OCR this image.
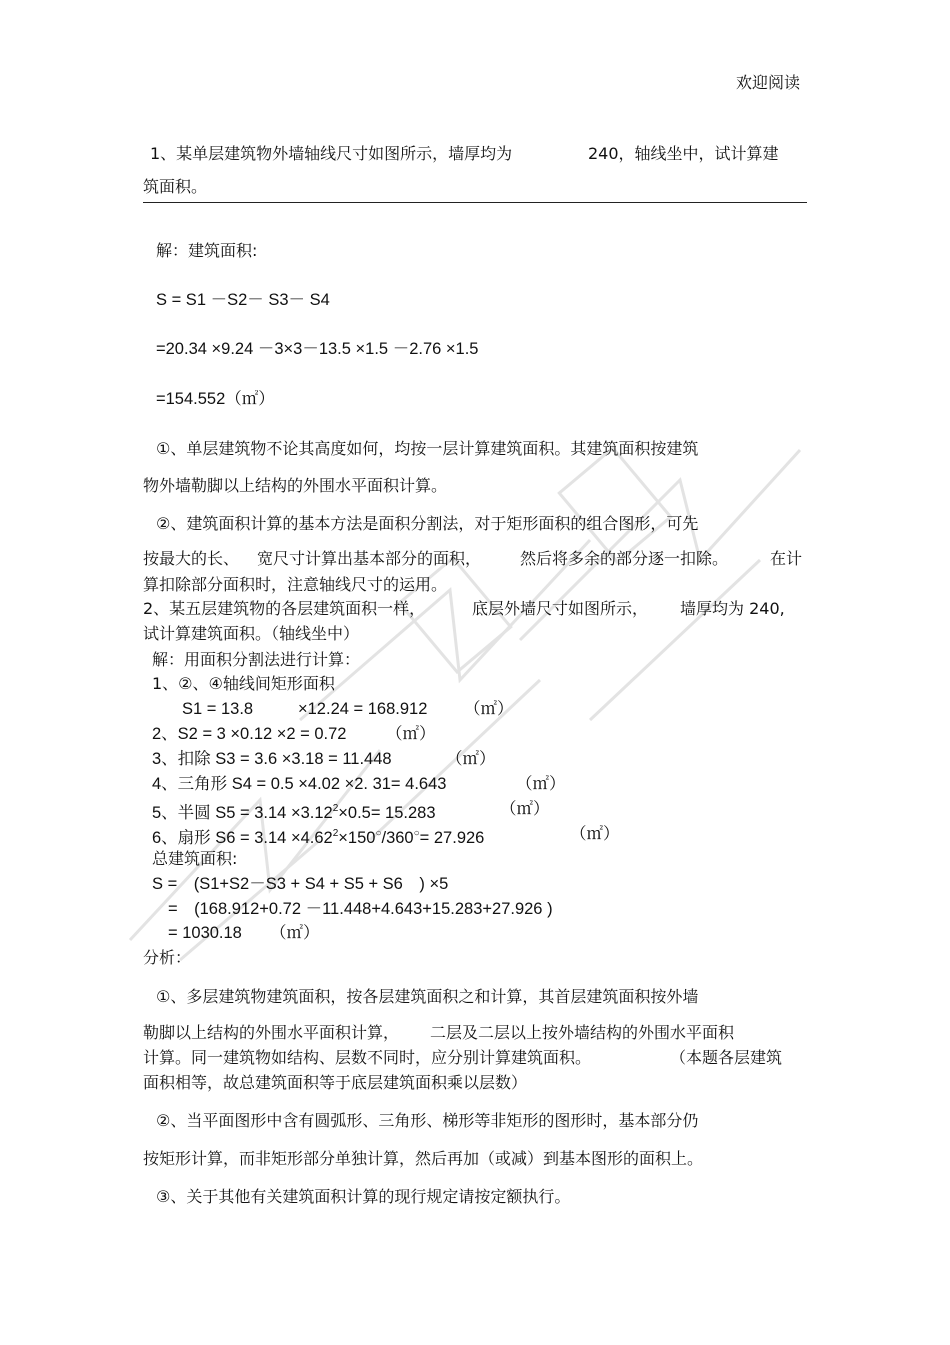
欢迎阅读
1、某单层建筑物外墙轴线尺寸如图所示，墙厚均为	240，轴线坐中，试计算建
筑面积。
解：建筑面积:
S = S1 －S2－ S3－ S4
=20.34 ×9.24 －3×3－13.5 ×1.5 －2.76 ×1.5
=154.552（㎡）
①、单层建筑物不论其高度如何，均按一层计算建筑面积。其建筑面积按建筑
物外墙勒脚以上结构的外围水平面积计算。
②、建筑面积计算的基本方法是面积分割法，对于矩形面积的组合图形，可先
按最大的长、 宽尺寸计算出基本部分的面积， 然后将多余的部分逐一扣除。	在计
算扣除部分面积时，注意轴线尺寸的运用。
2、某五层建筑物的各层建筑面积一样，	底层外墙尺寸如图所示， 墙厚均为 240,
试计算建筑面积。（轴线坐中）
解：用面积分割法进行计算：
1、②、④轴线间矩形面积
S1 = 13.8	×12.24 = 168.912 （㎡）
2、S2 = 3 ×0.12 ×2 = 0.72 （㎡）
3、扣除 S3 = 3.6 ×3.18 = 11.448	（㎡）
4、三角形 S4 = 0.5 ×4.02 ×2. 31= 4.643	（㎡）
5、半圆 $S5 = 3.14 \times 3.12^2\times 0.5= 15.283$	（㎡）
6、扇形 $S6 = 3.14 \times 4.62^2\times 150^○/360^○= 27.926$	（㎡）
总建筑面积:
S =　(S1+S2－S3 + S4 + S5 + S6　) ×5
=　(168.912+0.72 －11.448+4.643+15.283+27.926 )
= 1030.18 （㎡）
分析：
①、多层建筑物建筑面积，按各层建筑面积之和计算，其首层建筑面积按外墙
勒脚以上结构的外围水平面积计算， 二层及二层以上按外墙结构的外围水平面积
计算。同一建筑物如结构、层数不同时，应分别计算建筑面积。	（本题各层建筑
面积相等，故总建筑面积等于底层建筑面积乘以层数）
②、当平面图形中含有圆弧形、三角形、梯形等非矩形的图形时，基本部分仍
按矩形计算，而非矩形部分单独计算，然后再加（或减）到基本图形的面积上。
③、关于其他有关建筑面积计算的现行规定请按定额执行。
